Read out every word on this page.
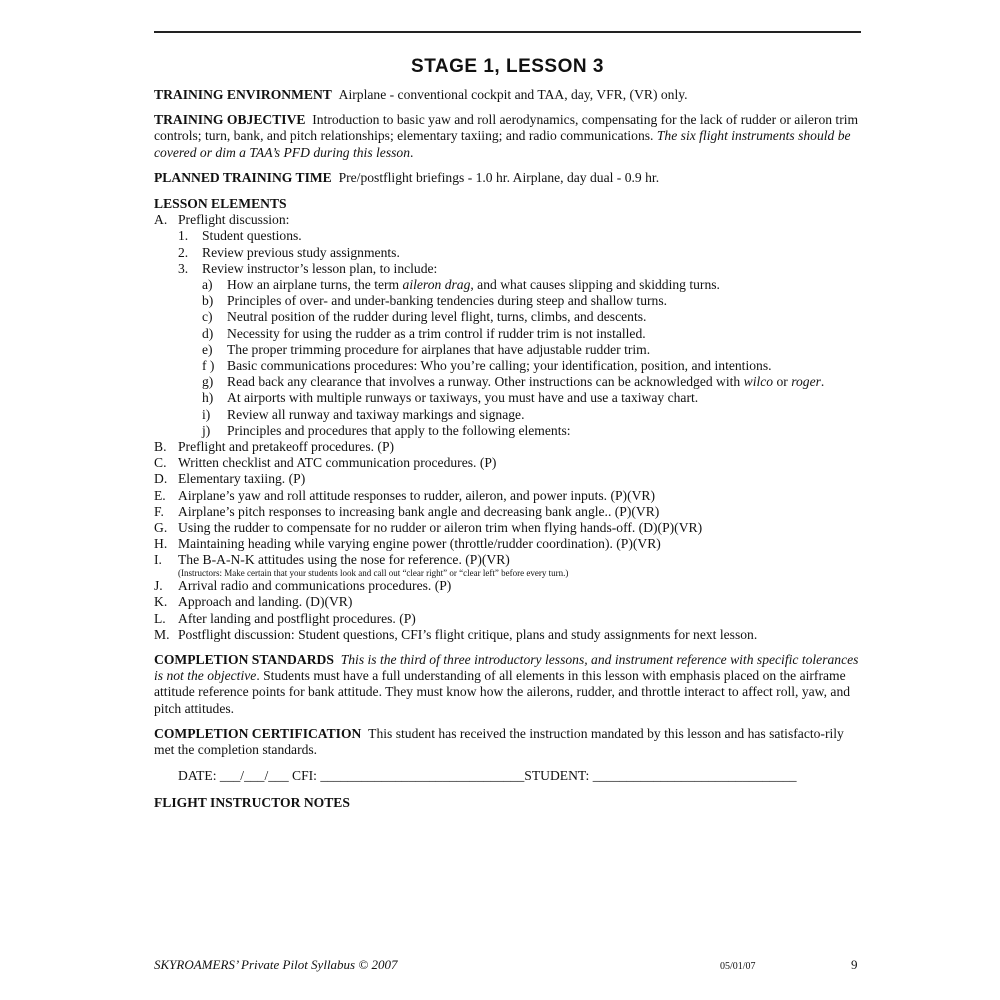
STAGE 1, LESSON 3
TRAINING ENVIRONMENT Airplane - conventional cockpit and TAA, day, VFR, (VR) only.
TRAINING OBJECTIVE Introduction to basic yaw and roll aerodynamics, compensating for the lack of rudder or aileron trim controls; turn, bank, and pitch relationships; elementary taxiing; and radio communications. The six flight instruments should be covered or dim a TAA’s PFD during this lesson.
PLANNED TRAINING TIME Pre/postflight briefings - 1.0 hr. Airplane, day dual - 0.9 hr.
LESSON ELEMENTS
A. Preflight discussion:
1. Student questions.
2. Review previous study assignments.
3. Review instructor’s lesson plan, to include:
a) How an airplane turns, the term aileron drag, and what causes slipping and skidding turns.
b) Principles of over- and under-banking tendencies during steep and shallow turns.
c) Neutral position of the rudder during level flight, turns, climbs, and descents.
d) Necessity for using the rudder as a trim control if rudder trim is not installed.
e) The proper trimming procedure for airplanes that have adjustable rudder trim.
f ) Basic communications procedures: Who you’re calling; your identification, position, and intentions.
g) Read back any clearance that involves a runway. Other instructions can be acknowledged with wilco or roger.
h) At airports with multiple runways or taxiways, you must have and use a taxiway chart.
i) Review all runway and taxiway markings and signage.
j) Principles and procedures that apply to the following elements:
B. Preflight and pretakeoff procedures. (P)
C. Written checklist and ATC communication procedures. (P)
D. Elementary taxiing. (P)
E. Airplane’s yaw and roll attitude responses to rudder, aileron, and power inputs. (P)(VR)
F. Airplane’s pitch responses to increasing bank angle and decreasing bank angle.. (P)(VR)
G. Using the rudder to compensate for no rudder or aileron trim when flying hands-off. (D)(P)(VR)
H. Maintaining heading while varying engine power (throttle/rudder coordination). (P)(VR)
I. The B-A-N-K attitudes using the nose for reference. (P)(VR)
(Instructors: Make certain that your students look and call out “clear right” or “clear left” before every turn.)
J. Arrival radio and communications procedures. (P)
K. Approach and landing. (D)(VR)
L. After landing and postflight procedures. (P)
M. Postflight discussion: Student questions, CFI’s flight critique, plans and study assignments for next lesson.
COMPLETION STANDARDS This is the third of three introductory lessons, and instrument reference with specific tolerances is not the objective. Students must have a full understanding of all elements in this lesson with emphasis placed on the airframe attitude reference points for bank attitude. They must know how the ailerons, rudder, and throttle interact to affect roll, yaw, and pitch attitudes.
COMPLETION CERTIFICATION This student has received the instruction mandated by this lesson and has satisfacto-rily met the completion standards.
DATE: ___/___/___ CFI: ______________________________STUDENT: ______________________________
FLIGHT INSTRUCTOR NOTES
SKYROAMERS’ Private Pilot Syllabus © 2007	05/01/07	9
